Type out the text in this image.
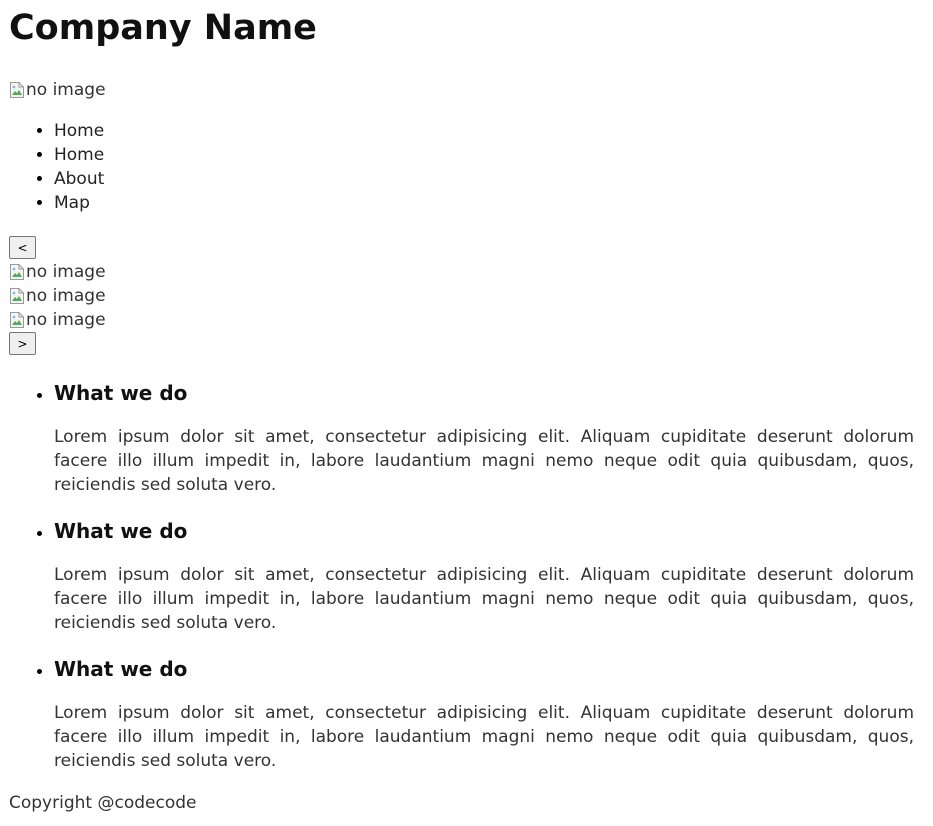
Company Name
no image
• Home
• Home
• About
• Map
<
no image
no image
no image
>
• What we do

Lorem ipsum dolor sit amet, consectetur adipisicing elit. Aliquam cupiditate deserunt dolorum facere illo illum impedit in, labore laudantium magni nemo neque odit quia quibusdam, quos, reiciendis sed soluta vero.

• What we do

Lorem ipsum dolor sit amet, consectetur adipisicing elit. Aliquam cupiditate deserunt dolorum facere illo illum impedit in, labore laudantium magni nemo neque odit quia quibusdam, quos, reiciendis sed soluta vero.

• What we do

Lorem ipsum dolor sit amet, consectetur adipisicing elit. Aliquam cupiditate deserunt dolorum facere illo illum impedit in, labore laudantium magni nemo neque odit quia quibusdam, quos, reiciendis sed soluta vero.

Copyright @codecode
